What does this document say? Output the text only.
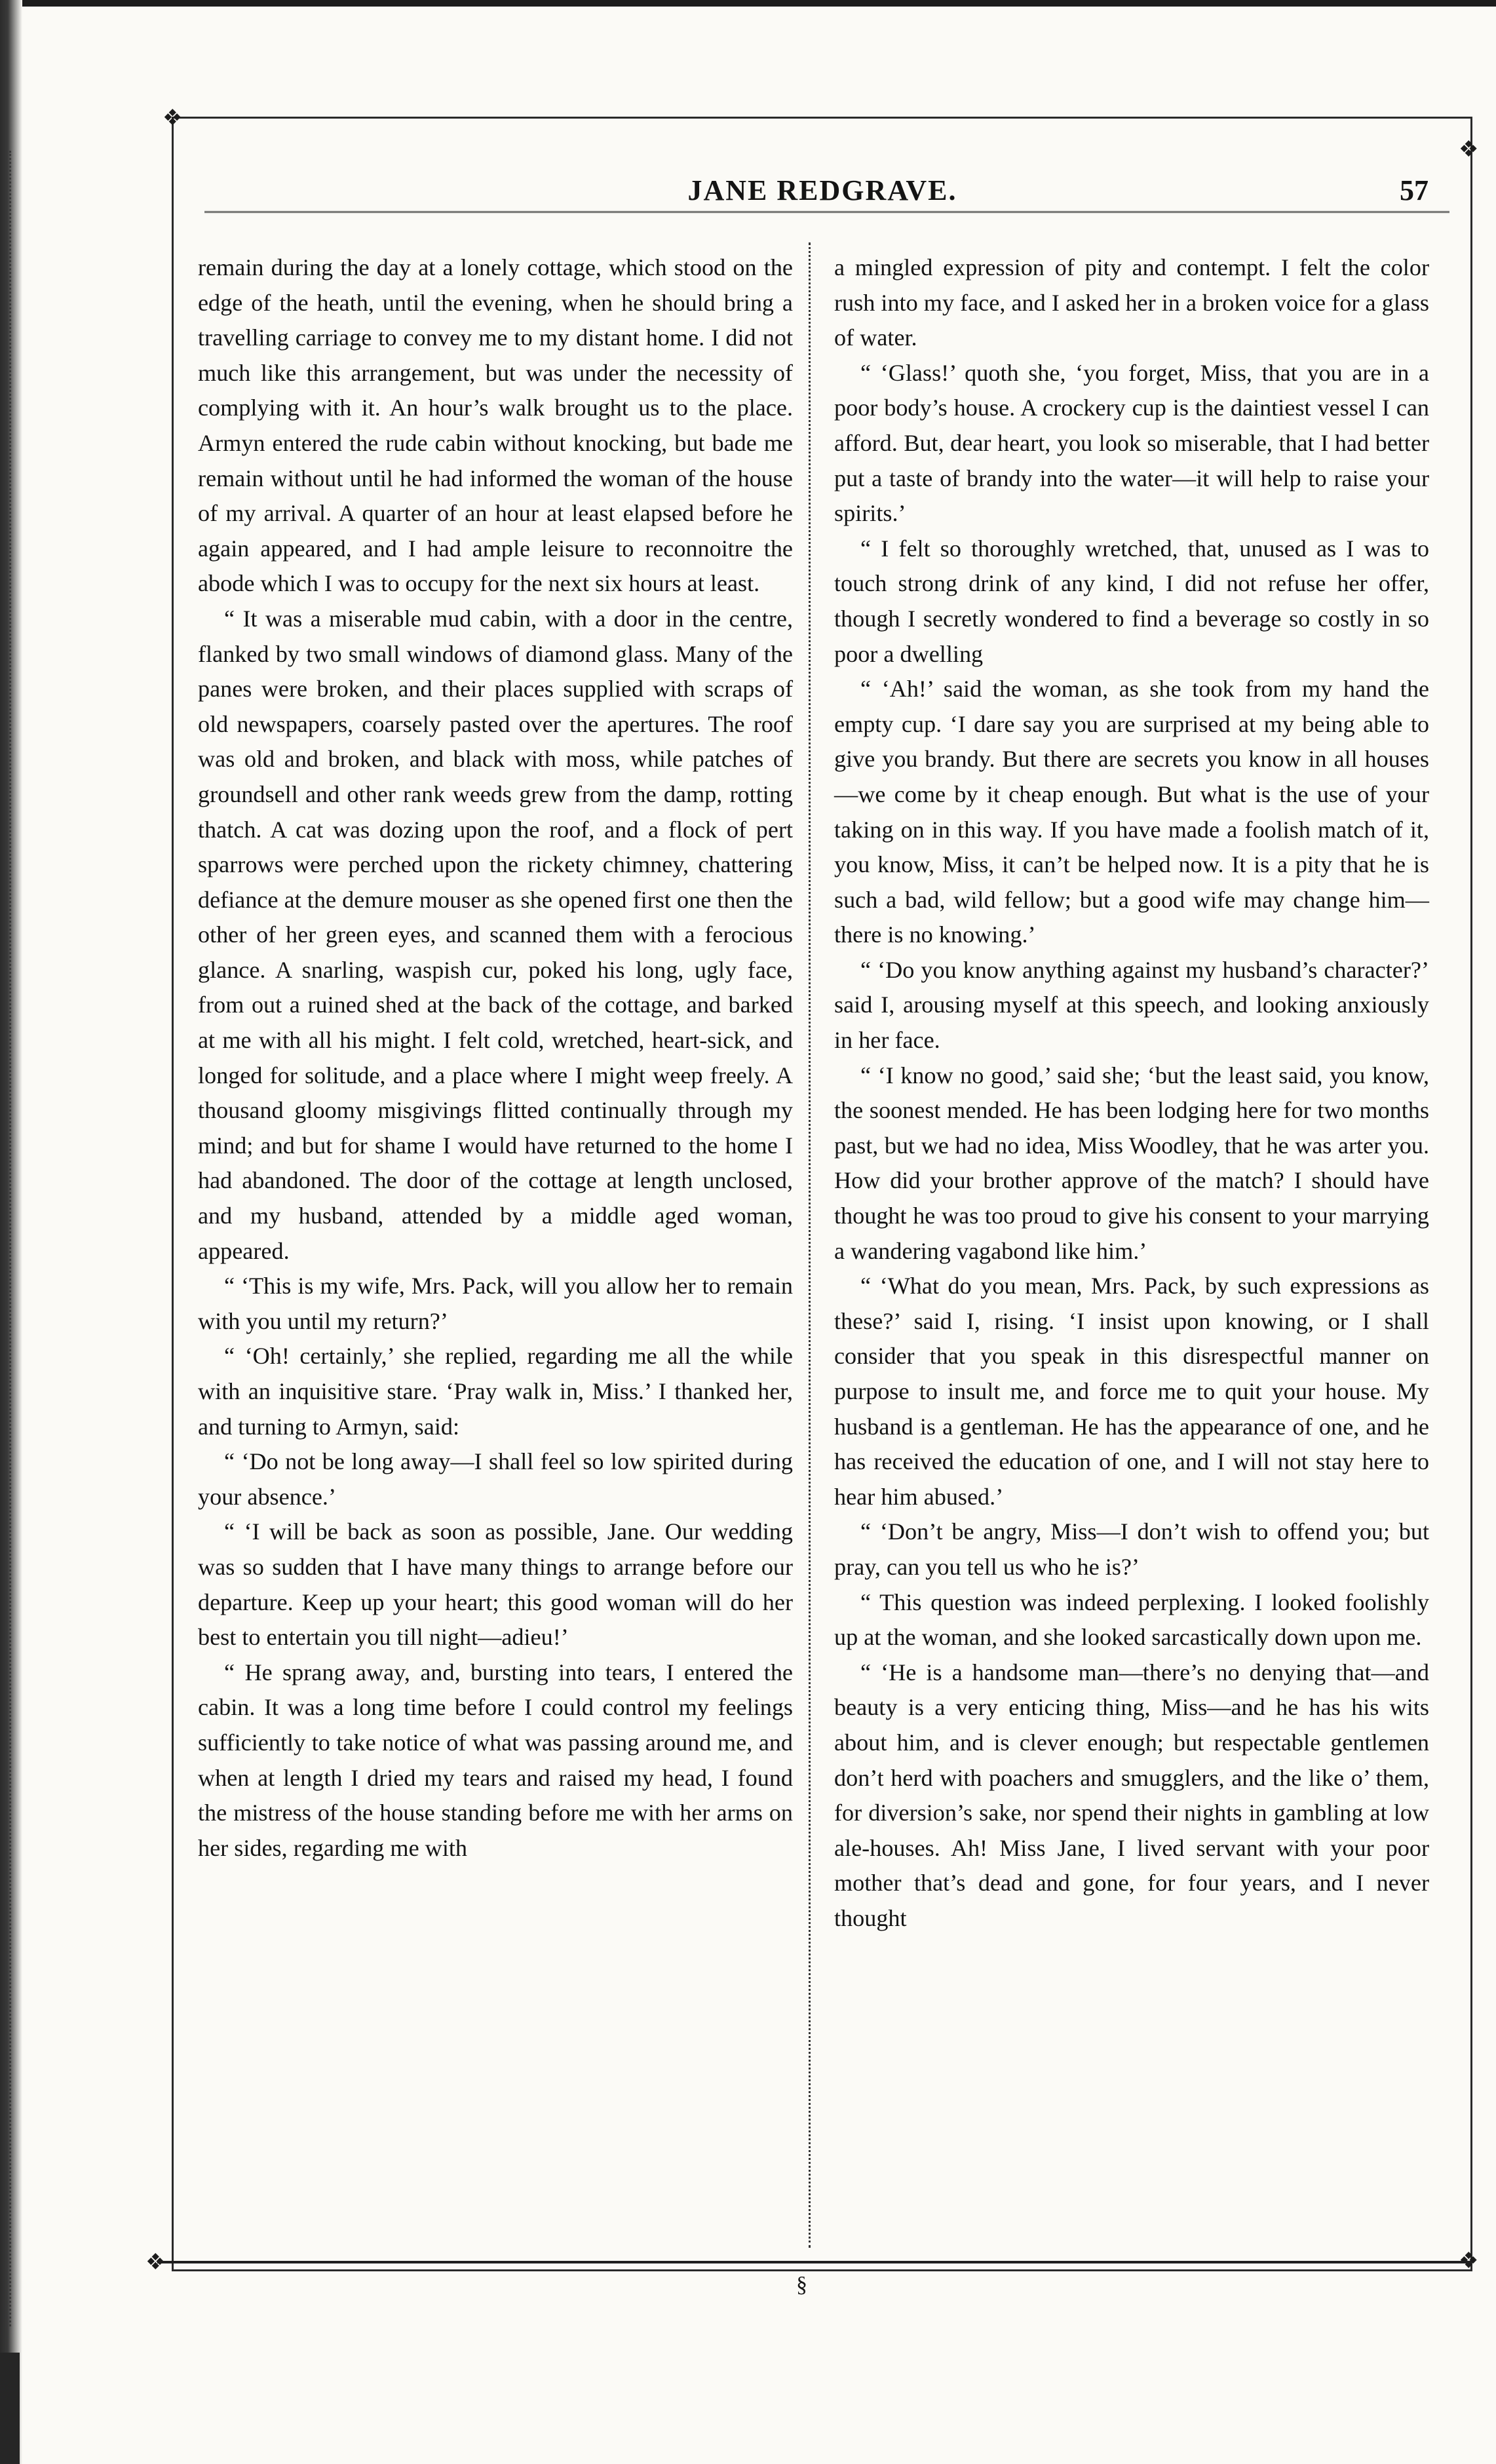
❖
❖
❖	❖
JANE REDGRAVE.	57

remain during the day at a lonely cottage, which stood on the edge of the heath, until the evening, when he should bring a travelling carriage to convey me to my distant home. I did not much like this arrangement, but was under the necessity of complying with it. An hour’s walk brought us to the place. Armyn entered the rude cabin without knocking, but bade me remain without until he had informed the woman of the house of my arrival. A quarter of an hour at least elapsed before he again appeared, and I had ample leisure to reconnoitre the abode which I was to occupy for the next six hours at least.

“ It was a miserable mud cabin, with a door in the centre, flanked by two small windows of diamond glass. Many of the panes were broken, and their places supplied with scraps of old newspapers, coarsely pasted over the apertures. The roof was old and broken, and black with moss, while patches of groundsell and other rank weeds grew from the damp, rotting thatch. A cat was dozing upon the roof, and a flock of pert sparrows were perched upon the rickety chimney, chattering defiance at the demure mouser as she opened first one then the other of her green eyes, and scanned them with a ferocious glance. A snarling, waspish cur, poked his long, ugly face, from out a ruined shed at the back of the cottage, and barked at me with all his might. I felt cold, wretched, heart-sick, and longed for solitude, and a place where I might weep freely. A thousand gloomy misgivings flitted continually through my mind; and but for shame I would have returned to the home I had abandoned. The door of the cottage at length unclosed, and my husband, attended by a middle aged woman, appeared.

“ ‘This is my wife, Mrs. Pack, will you allow her to remain with you until my return?’

“ ‘Oh! certainly,’ she replied, regarding me all the while with an inquisitive stare. ‘Pray walk in, Miss.’ I thanked her, and turning to Armyn, said:

“ ‘Do not be long away—I shall feel so low spirited during your absence.’

“ ‘I will be back as soon as possible, Jane. Our wedding was so sudden that I have many things to arrange before our departure. Keep up your heart; this good woman will do her best to entertain you till night—adieu!’

“ He sprang away, and, bursting into tears, I entered the cabin. It was a long time before I could control my feelings sufficiently to take notice of what was passing around me, and when at length I dried my tears and raised my head, I found the mistress of the house standing before me with her arms on her sides, regarding me with

a mingled expression of pity and contempt. I felt the color rush into my face, and I asked her in a broken voice for a glass of water.

“ ‘Glass!’ quoth she, ‘you forget, Miss, that you are in a poor body’s house. A crockery cup is the daintiest vessel I can afford. But, dear heart, you look so miserable, that I had better put a taste of brandy into the water—it will help to raise your spirits.’

“ I felt so thoroughly wretched, that, unused as I was to touch strong drink of any kind, I did not refuse her offer, though I secretly wondered to find a beverage so costly in so poor a dwelling

“ ‘Ah!’ said the woman, as she took from my hand the empty cup. ‘I dare say you are surprised at my being able to give you brandy. But there are secrets you know in all houses—we come by it cheap enough. But what is the use of your taking on in this way. If you have made a foolish match of it, you know, Miss, it can’t be helped now. It is a pity that he is such a bad, wild fellow; but a good wife may change him—there is no knowing.’

“ ‘Do you know anything against my husband’s character?’ said I, arousing myself at this speech, and looking anxiously in her face.

“ ‘I know no good,’ said she; ‘but the least said, you know, the soonest mended. He has been lodging here for two months past, but we had no idea, Miss Woodley, that he was arter you. How did your brother approve of the match? I should have thought he was too proud to give his consent to your marrying a wandering vagabond like him.’

“ ‘What do you mean, Mrs. Pack, by such expressions as these?’ said I, rising. ‘I insist upon knowing, or I shall consider that you speak in this disrespectful manner on purpose to insult me, and force me to quit your house. My husband is a gentleman. He has the appearance of one, and he has received the education of one, and I will not stay here to hear him abused.’

“ ‘Don’t be angry, Miss—I don’t wish to offend you; but pray, can you tell us who he is?’

“ This question was indeed perplexing. I looked foolishly up at the woman, and she looked sarcastically down upon me.

“ ‘He is a handsome man—there’s no denying that—and beauty is a very enticing thing, Miss—and he has his wits about him, and is clever enough; but respectable gentlemen don’t herd with poachers and smugglers, and the like o’ them, for diversion’s sake, nor spend their nights in gambling at low ale-houses. Ah! Miss Jane, I lived servant with your poor mother that’s dead and gone, for four years, and I never thought

§
